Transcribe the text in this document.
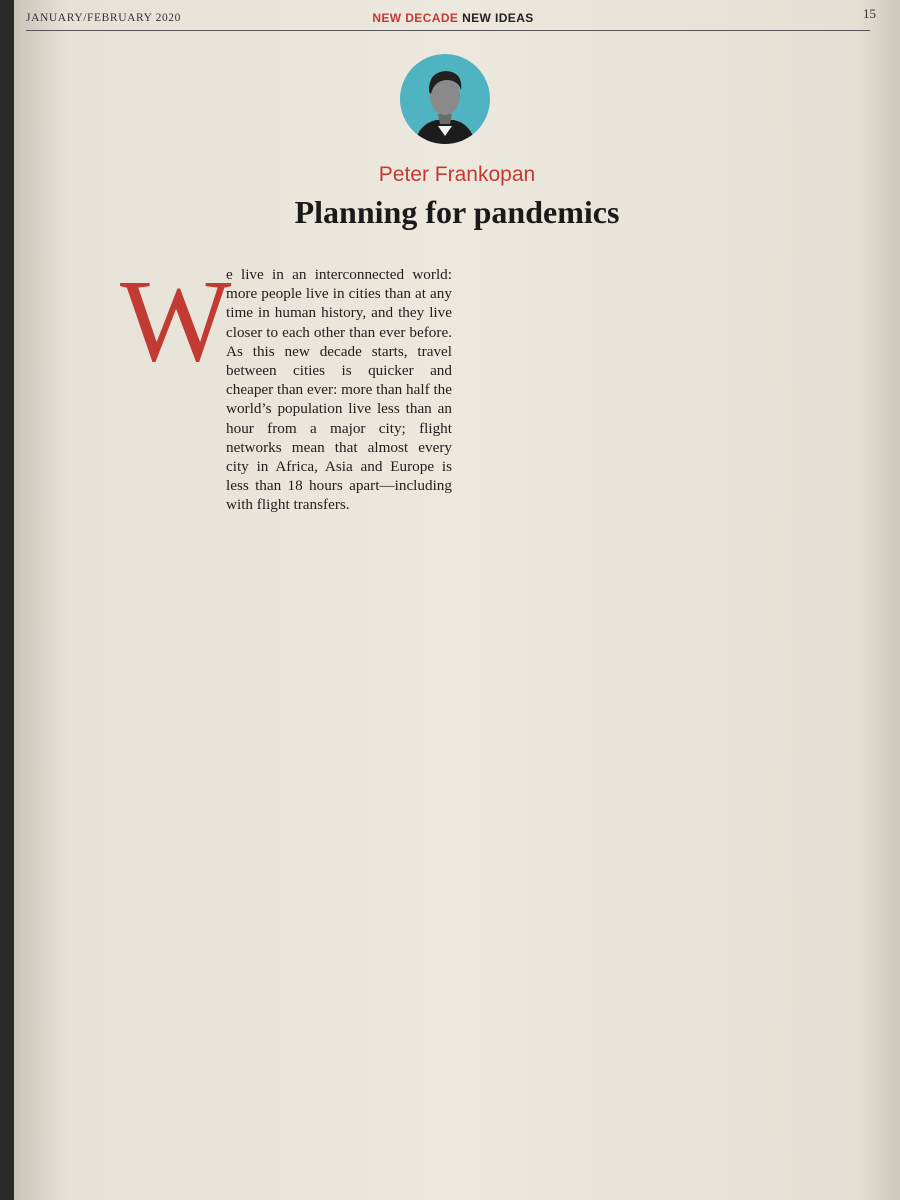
JANUARY/FEBRUARY 2020	NEW DECADE NEW IDEAS	15
Peter Frankopan
Planning for pandemics
W

e live in an interconnected world: more people live in cities than at any time in human history, and they live closer to each other than ever before. As this new decade starts, travel between cities is quicker and cheaper than ever: more than half the world’s population live less than an hour from a major city; flight networks mean that almost every city in Africa, Asia and Europe is less than 18 hours apart—including with flight transfers.
